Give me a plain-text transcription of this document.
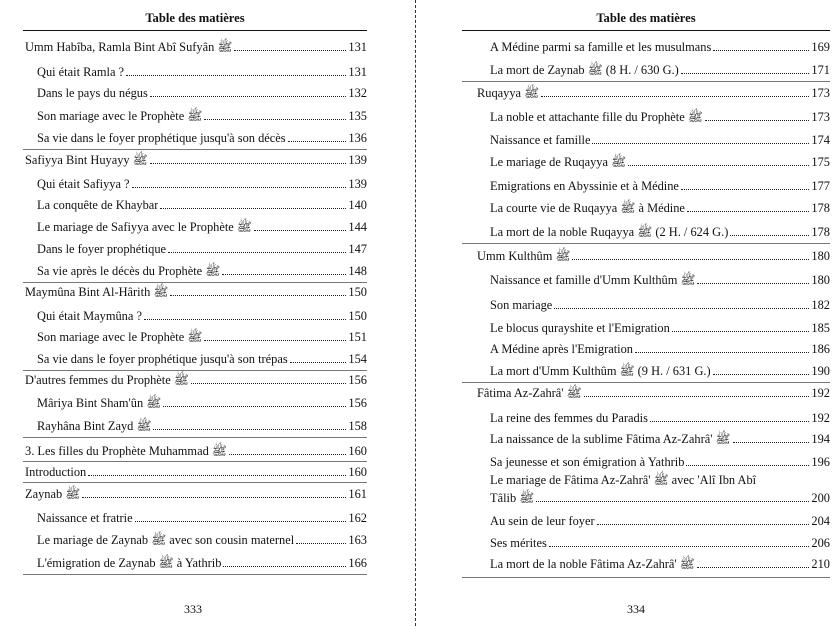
Table des matières
Umm Habîba, Ramla Bint Abî Sufyân ﷺ	131
Qui était Ramla ?	131
Dans le pays du négus	132
Son mariage avec le Prophète ﷺ	135
Sa vie dans le foyer prophétique jusqu'à son décès	136
Safiyya Bint Huyayy ﷺ	139
Qui était Safiyya ?	139
La conquête de Khaybar	140
Le mariage de Safiyya avec le Prophète ﷺ	144
Dans le foyer prophétique	147
Sa vie après le décès du Prophète ﷺ	148
Maymûna Bint Al-Hârith ﷺ	150
Qui était Maymûna ?	150
Son mariage avec le Prophète ﷺ	151
Sa vie dans le foyer prophétique jusqu'à son trépas	154
D'autres femmes du Prophète ﷺ	156
Mâriya Bint Sham'ûn ﷺ	156
Rayhâna Bint Zayd ﷺ	158
3. Les filles du Prophète Muhammad ﷺ	160
Introduction	160
Zaynab ﷺ	161
Naissance et fratrie	162
Le mariage de Zaynab ﷺ avec son cousin maternel	163
L'émigration de Zaynab ﷺ à Yathrib	166
333
Table des matières
A Médine parmi sa famille et les musulmans	169
La mort de Zaynab ﷺ (8 H. / 630 G.)	171
Ruqayya ﷺ	173
La noble et attachante fille du Prophète ﷺ	173
Naissance et famille	174
Le mariage de Ruqayya ﷺ	175
Emigrations en Abyssinie et à Médine	177
La courte vie de Ruqayya ﷺ à Médine	178
La mort de la noble Ruqayya ﷺ (2 H. / 624 G.)	178
Umm Kulthûm ﷺ	180
Naissance et famille d'Umm Kulthûm ﷺ	180
Son mariage	182
Le blocus qurayshite et l'Emigration	185
A Médine après l'Emigration	186
La mort d'Umm Kulthûm ﷺ (9 H. / 631 G.)	190
Fâtima Az-Zahrâ' ﷺ	192
La reine des femmes du Paradis	192
La naissance de la sublime Fâtima Az-Zahrâ' ﷺ	194
Sa jeunesse et son émigration à Yathrib	196
Le mariage de Fâtima Az-Zahrâ' ﷺ avec 'Alî Ibn Abî
Tâlib ﷺ	200
Au sein de leur foyer	204
Ses mérites	206
La mort de la noble Fâtima Az-Zahrâ' ﷺ	210
334
